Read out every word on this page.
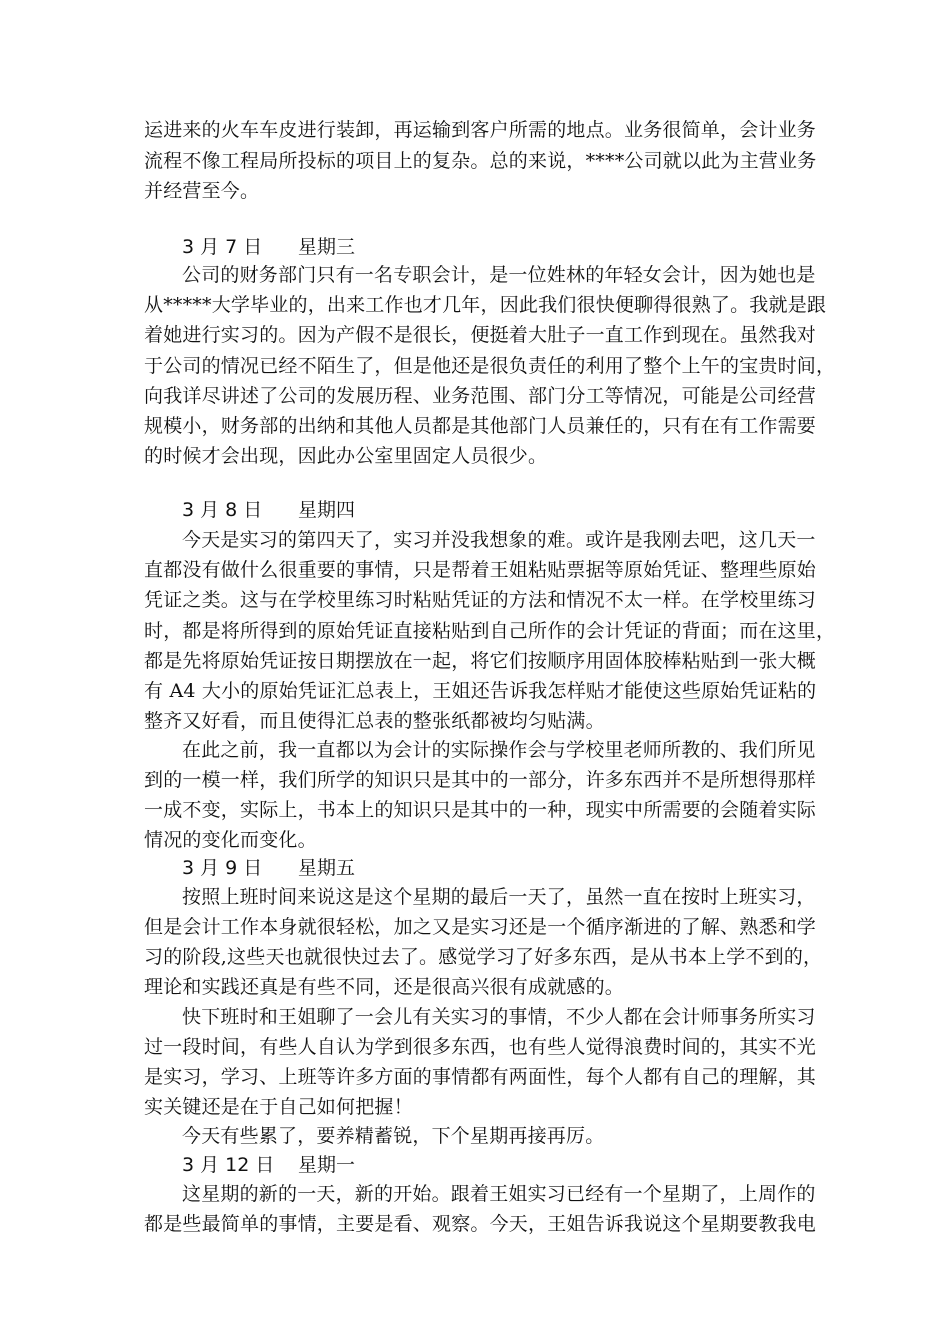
运进来的火车车皮进行装卸，再运输到客户所需的地点。业务很简单，会计业务
流程不像工程局所投标的项目上的复杂。总的来说，****公司就以此为主营业务
并经营至今。
3 月 7 日 星期三
公司的财务部门只有一名专职会计，是一位姓林的年轻女会计，因为她也是
从*****大学毕业的，出来工作也才几年，因此我们很快便聊得很熟了。我就是跟
着她进行实习的。因为产假不是很长，便挺着大肚子一直工作到现在。虽然我对
于公司的情况已经不陌生了，但是他还是很负责任的利用了整个上午的宝贵时间，
向我详尽讲述了公司的发展历程、业务范围、部门分工等情况，可能是公司经营
规模小，财务部的出纳和其他人员都是其他部门人员兼任的，只有在有工作需要
的时候才会出现，因此办公室里固定人员很少。
3 月 8 日 星期四
今天是实习的第四天了，实习并没我想象的难。或许是我刚去吧，这几天一
直都没有做什么很重要的事情，只是帮着王姐粘贴票据等原始凭证、整理些原始
凭证之类。这与在学校里练习时粘贴凭证的方法和情况不太一样。在学校里练习
时，都是将所得到的原始凭证直接粘贴到自己所作的会计凭证的背面；而在这里，
都是先将原始凭证按日期摆放在一起，将它们按顺序用固体胶棒粘贴到一张大概
有 A4 大小的原始凭证汇总表上，王姐还告诉我怎样贴才能使这些原始凭证粘的
整齐又好看，而且使得汇总表的整张纸都被均匀贴满。
在此之前，我一直都以为会计的实际操作会与学校里老师所教的、我们所见
到的一模一样，我们所学的知识只是其中的一部分，许多东西并不是所想得那样
一成不变，实际上，书本上的知识只是其中的一种，现实中所需要的会随着实际
情况的变化而变化。
3 月 9 日 星期五
按照上班时间来说这是这个星期的最后一天了，虽然一直在按时上班实习，
但是会计工作本身就很轻松，加之又是实习还是一个循序渐进的了解、熟悉和学
习的阶段,这些天也就很快过去了。感觉学习了好多东西，是从书本上学不到的，
理论和实践还真是有些不同，还是很高兴很有成就感的。
快下班时和王姐聊了一会儿有关实习的事情，不少人都在会计师事务所实习
过一段时间，有些人自认为学到很多东西，也有些人觉得浪费时间的，其实不光
是实习，学习、上班等许多方面的事情都有两面性，每个人都有自己的理解，其
实关键还是在于自己如何把握！
今天有些累了，要养精蓄锐，下个星期再接再厉。
3 月 12 日 星期一
这星期的新的一天，新的开始。跟着王姐实习已经有一个星期了，上周作的
都是些最简单的事情，主要是看、观察。今天，王姐告诉我说这个星期要教我电
